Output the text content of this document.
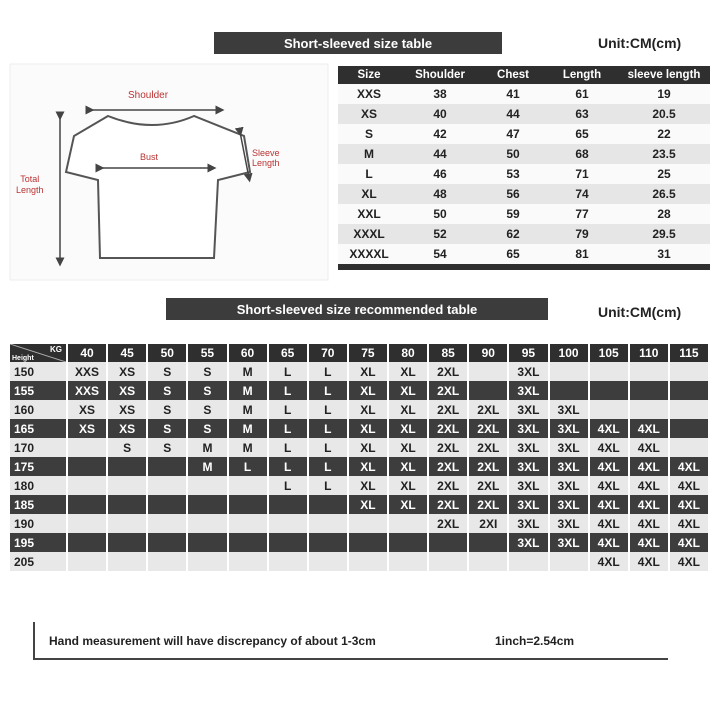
Short-sleeved size table	Unit:CM(cm)
Shoulder
Bust	Sleeve
Length
Total
Length
Size	Shoulder	Chest	Length	sleeve length
XXS	38	41	61	19
XS	40	44	63	20.5
S	42	47	65	22
M	44	50	68	23.5
L	46	53	71	25
XL	48	56	74	26.5
XXL	50	59	77	28
XXXL	52	62	79	29.5
XXXXL	54	65	81	31

Short-sleeved size recommended table	Unit:CM(cm)
KG
Height	40	45	50	55	60	65	70	75	80	85	90	95	100	105	110	115
150	XXS	XS	S	S	M	L	L	XL	XL	2XL		3XL				
155	XXS	XS	S	S	M	L	L	XL	XL	2XL		3XL				
160	XS	XS	S	S	M	L	L	XL	XL	2XL	2XL	3XL	3XL			
165	XS	XS	S	S	M	L	L	XL	XL	2XL	2XL	3XL	3XL	4XL	4XL	
170		S	S	M	M	L	L	XL	XL	2XL	2XL	3XL	3XL	4XL	4XL	
175				M	L	L	L	XL	XL	2XL	2XL	3XL	3XL	4XL	4XL	4XL
180						L	L	XL	XL	2XL	2XL	3XL	3XL	4XL	4XL	4XL
185								XL	XL	2XL	2XL	3XL	3XL	4XL	4XL	4XL
190										2XL	2XI	3XL	3XL	4XL	4XL	4XL
195												3XL	3XL	4XL	4XL	4XL
205														4XL	4XL	4XL
Hand measurement will have discrepancy of about 1-3cm	1inch=2.54cm
